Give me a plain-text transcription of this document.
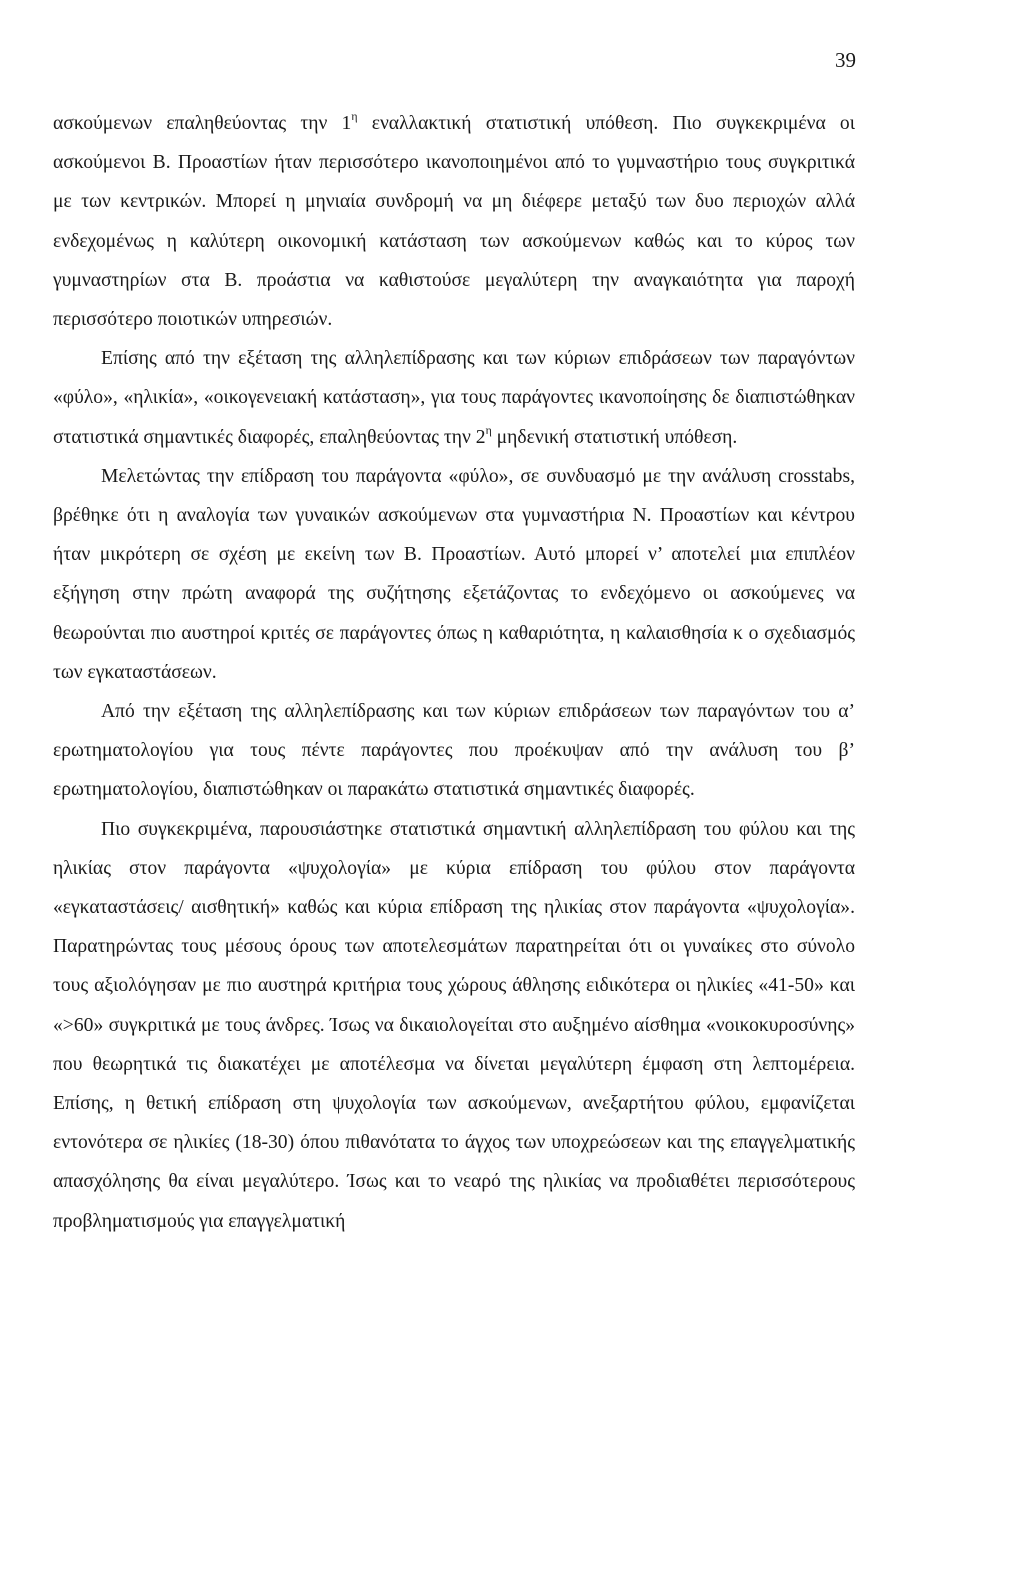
39

ασκούμενων επαληθεύοντας την $1^\eta$ εναλλακτική στατιστική υπόθεση. Πιο συγκεκριμένα οι ασκούμενοι Β. Προαστίων ήταν περισσότερο ικανοποιημένοι από το γυμναστήριο τους συγκριτικά με των κεντρικών. Μπορεί η μηνιαία συνδρομή να μη διέφερε μεταξύ των δυο περιοχών αλλά ενδεχομένως η καλύτερη οικονομική κατάσταση των ασκούμενων καθώς και το κύρος των γυμναστηρίων στα Β. προάστια να καθιστούσε μεγαλύτερη την αναγκαιότητα για παροχή περισσότερο ποιοτικών υπηρεσιών.

Επίσης από την εξέταση της αλληλεπίδρασης και των κύριων επιδράσεων των παραγόντων «φύλο», «ηλικία», «οικογενειακή κατάσταση», για τους παράγοντες ικανοποίησης δε διαπιστώθηκαν στατιστικά σημαντικές διαφορές, επαληθεύοντας την $2^\eta$ μηδενική στατιστική υπόθεση.

Μελετώντας την επίδραση του παράγοντα «φύλο», σε συνδυασμό με την ανάλυση crosstabs, βρέθηκε ότι η αναλογία των γυναικών ασκούμενων στα γυμναστήρια Ν. Προαστίων και κέντρου ήταν μικρότερη σε σχέση με εκείνη των Β. Προαστίων. Αυτό μπορεί ν’ αποτελεί μια επιπλέον εξήγηση στην πρώτη αναφορά της συζήτησης εξετάζοντας το ενδεχόμενο οι ασκούμενες να θεωρούνται πιο αυστηροί κριτές σε παράγοντες όπως η καθαριότητα, η καλαισθησία κ ο σχεδιασμός των εγκαταστάσεων.

Από την εξέταση της αλληλεπίδρασης και των κύριων επιδράσεων των παραγόντων του α’ ερωτηματολογίου για τους πέντε παράγοντες που προέκυψαν από την ανάλυση του β’ ερωτηματολογίου, διαπιστώθηκαν οι παρακάτω στατιστικά σημαντικές διαφορές.

Πιο συγκεκριμένα, παρουσιάστηκε στατιστικά σημαντική αλληλεπίδραση του φύλου και της ηλικίας στον παράγοντα «ψυχολογία» με κύρια επίδραση του φύλου στον παράγοντα «εγκαταστάσεις/ αισθητική» καθώς και κύρια επίδραση της ηλικίας στον παράγοντα «ψυχολογία». Παρατηρώντας τους μέσους όρους των αποτελεσμάτων παρατηρείται ότι οι γυναίκες στο σύνολο τους αξιολόγησαν με πιο αυστηρά κριτήρια τους χώρους άθλησης ειδικότερα οι ηλικίες «41-50» και «>60» συγκριτικά με τους άνδρες. Ίσως να δικαιολογείται στο αυξημένο αίσθημα «νοικοκυροσύνης» που θεωρητικά τις διακατέχει με αποτέλεσμα να δίνεται μεγαλύτερη έμφαση στη λεπτομέρεια. Επίσης, η θετική επίδραση στη ψυχολογία των ασκούμενων, ανεξαρτήτου φύλου, εμφανίζεται εντονότερα σε ηλικίες (18-30) όπου πιθανότατα το άγχος των υποχρεώσεων και της επαγγελματικής απασχόλησης θα είναι μεγαλύτερο. Ίσως και το νεαρό της ηλικίας να προδιαθέτει περισσότερους προβληματισμούς για επαγγελματική
